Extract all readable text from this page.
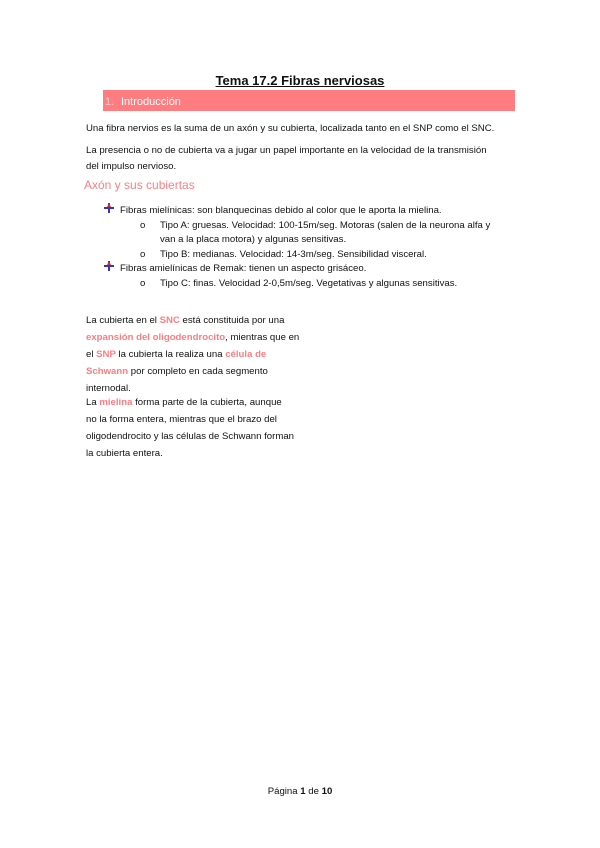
Tema 17.2 Fibras nerviosas
1. Introducción
Una fibra nervios es la suma de un axón y su cubierta, localizada tanto en el SNP como el SNC.
La presencia o no de cubierta va a jugar un papel importante en la velocidad de la transmisión
del impulso nervioso.
Axón y sus cubiertas
Fibras mielínicas: son blanquecinas debido al color que le aporta la mielina.
o Tipo A: gruesas. Velocidad: 100-15m/seg. Motoras (salen de la neurona alfa y
van a la placa motora) y algunas sensitivas.
o Tipo B: medianas. Velocidad: 14-3m/seg. Sensibilidad visceral.
Fibras amielínicas de Remak: tienen un aspecto grisáceo.
o Tipo C: finas. Velocidad 2-0,5m/seg. Vegetativas y algunas sensitivas.
La cubierta en el SNC está constituida por una
expansión del oligodendrocito, mientras que en
el SNP la cubierta la realiza una célula de
Schwann por completo en cada segmento
internodal.
La mielina forma parte de la cubierta, aunque
no la forma entera, mientras que el brazo del
oligodendrocito y las células de Schwann forman
la cubierta entera.
Página 1 de 10
